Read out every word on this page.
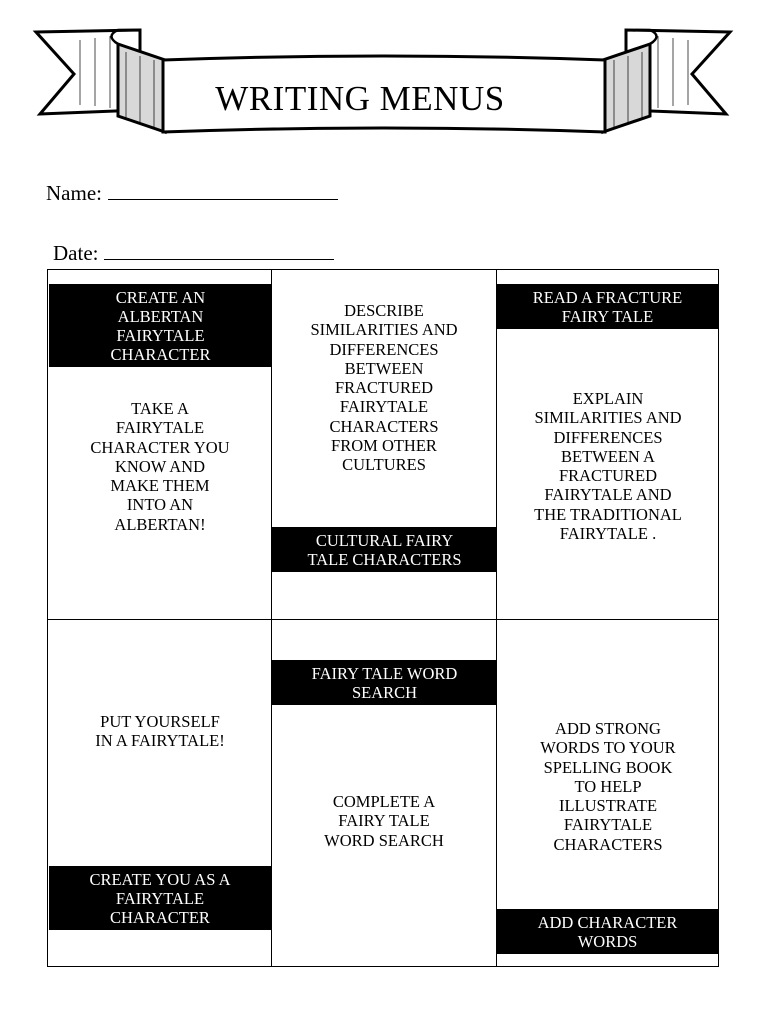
WRITING MENUS
Name:
Date:
CREATE AN
ALBERTAN
FAIRYTALE
CHARACTER
TAKE A
FAIRYTALE
CHARACTER YOU
KNOW AND
MAKE THEM
INTO AN
ALBERTAN!
DESCRIBE
SIMILARITIES AND
DIFFERENCES
BETWEEN
FRACTURED
FAIRYTALE
CHARACTERS
FROM OTHER
CULTURES
CULTURAL FAIRY
TALE CHARACTERS
READ A FRACTURE
FAIRY TALE
EXPLAIN
SIMILARITIES AND
DIFFERENCES
BETWEEN A
FRACTURED
FAIRYTALE AND
THE TRADITIONAL
FAIRYTALE .
PUT YOURSELF
IN A FAIRYTALE!
CREATE YOU AS A
FAIRYTALE
CHARACTER
FAIRY TALE WORD
SEARCH
COMPLETE A
FAIRY TALE
WORD SEARCH
ADD STRONG
WORDS TO YOUR
SPELLING BOOK
TO HELP
ILLUSTRATE
FAIRYTALE
CHARACTERS
ADD CHARACTER
WORDS
